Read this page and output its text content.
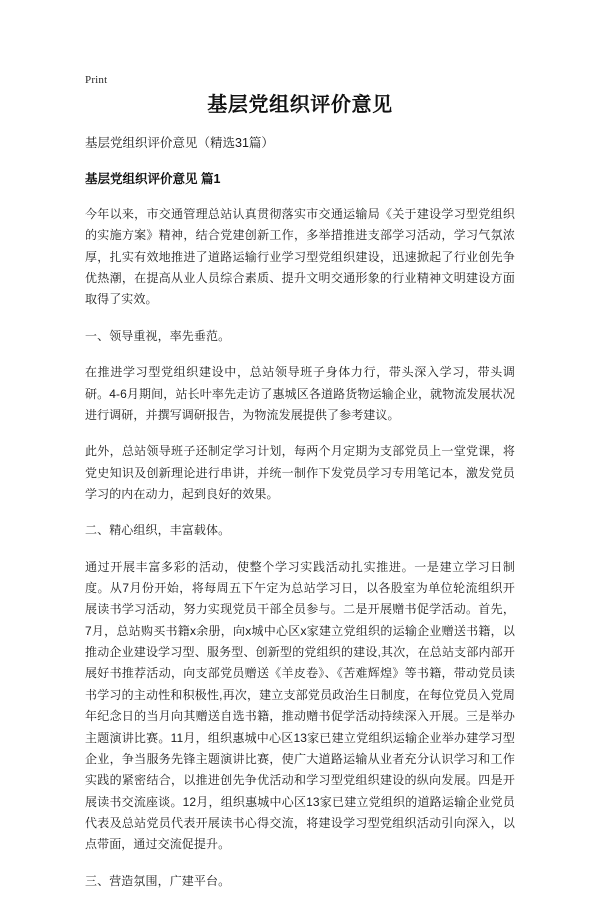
Print
基层党组织评价意见

基层党组织评价意见（精选31篇）

基层党组织评价意见 篇1

今年以来，市交通管理总站认真贯彻落实市交通运输局《关于建设学习型党组织的实施方案》精神，结合党建创新工作，多举措推进支部学习活动，学习气氛浓厚，扎实有效地推进了道路运输行业学习型党组织建设，迅速掀起了行业创先争优热潮，在提高从业人员综合素质、提升文明交通形象的行业精神文明建设方面取得了实效。

一、领导重视，率先垂范。

在推进学习型党组织建设中，总站领导班子身体力行，带头深入学习，带头调研。4-6月期间，站长叶率先走访了惠城区各道路货物运输企业，就物流发展状况进行调研，并撰写调研报告，为物流发展提供了参考建议。

此外，总站领导班子还制定学习计划，每两个月定期为支部党员上一堂党课，将党史知识及创新理论进行串讲，并统一制作下发党员学习专用笔记本，激发党员学习的内在动力，起到良好的效果。

二、精心组织，丰富载体。

通过开展丰富多彩的活动，使整个学习实践活动扎实推进。一是建立学习日制度。从7月份开始，将每周五下午定为总站学习日，以各股室为单位轮流组织开展读书学习活动，努力实现党员干部全员参与。二是开展赠书促学活动。首先，7月，总站购买书籍x余册，向x城中心区x家建立党组织的运输企业赠送书籍，以推动企业建设学习型、服务型、创新型的党组织的建设,其次，在总站支部内部开展好书推荐活动，向支部党员赠送《羊皮卷》、《苦难辉煌》等书籍，带动党员读书学习的主动性和积极性,再次，建立支部党员政治生日制度，在每位党员入党周年纪念日的当月向其赠送自选书籍，推动赠书促学活动持续深入开展。三是举办主题演讲比赛。11月，组织惠城中心区13家已建立党组织运输企业举办建学习型企业，争当服务先锋主题演讲比赛，使广大道路运输从业者充分认识学习和工作实践的紧密结合，以推进创先争优活动和学习型党组织建设的纵向发展。四是开展读书交流座谈。12月，组织惠城中心区13家已建立党组织的道路运输企业党员代表及总站党员代表开展读书心得交流，将建设学习型党组织活动引向深入，以点带面，通过交流促提升。

三、营造氛围，广建平台。
